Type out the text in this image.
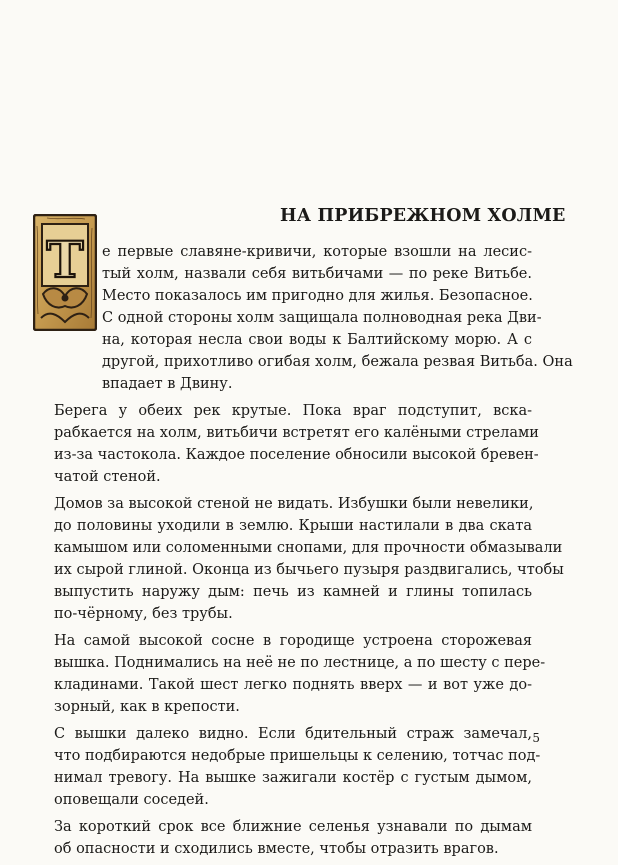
НА ПРИБРЕЖНОМ ХОЛМЕ
Т	е первые славяне-кривичи, которые взошли на лесис-
тый холм, назвали себя витьбичами — по реке Витьбе.
Место показалось им пригодно для жилья. Безопасное.
С одной стороны холм защищала полноводная река Дви-
на, которая несла свои воды к Балтийскому морю. А с
другой, прихотливо огибая холм, бежала резвая Витьба. Она
впадает в Двину.

Берега у обеих рек крутые. Пока враг подступит, вска-
рабкается на холм, витьбичи встретят его калёными стрелами
из-за частокола. Каждое поселение обносили высокой бревен-
чатой стеной.

Домов за высокой стеной не видать. Избушки были невелики,
до половины уходили в землю. Крыши настилали в два ската
камышом или соломенными снопами, для прочности обмазывали
их сырой глиной. Оконца из бычьего пузыря раздвигались, чтобы
выпустить наружу дым: печь из камней и глины топилась
по-чёрному, без трубы.

На самой высокой сосне в городище устроена сторожевая
вышка. Поднимались на неё не по лестнице, а по шесту с пере-
кладинами. Такой шест легко поднять вверх — и вот уже до-
зорный, как в крепости.

С вышки далеко видно. Если бдительный страж замечал,
что подбираются недобрые пришельцы к селению, тотчас под-
нимал тревогу. На вышке зажигали костёр с густым дымом,
оповещали соседей.

За короткий срок все ближние селенья узнавали по дымам
об опасности и сходились вместе, чтобы отразить врагов.

5
